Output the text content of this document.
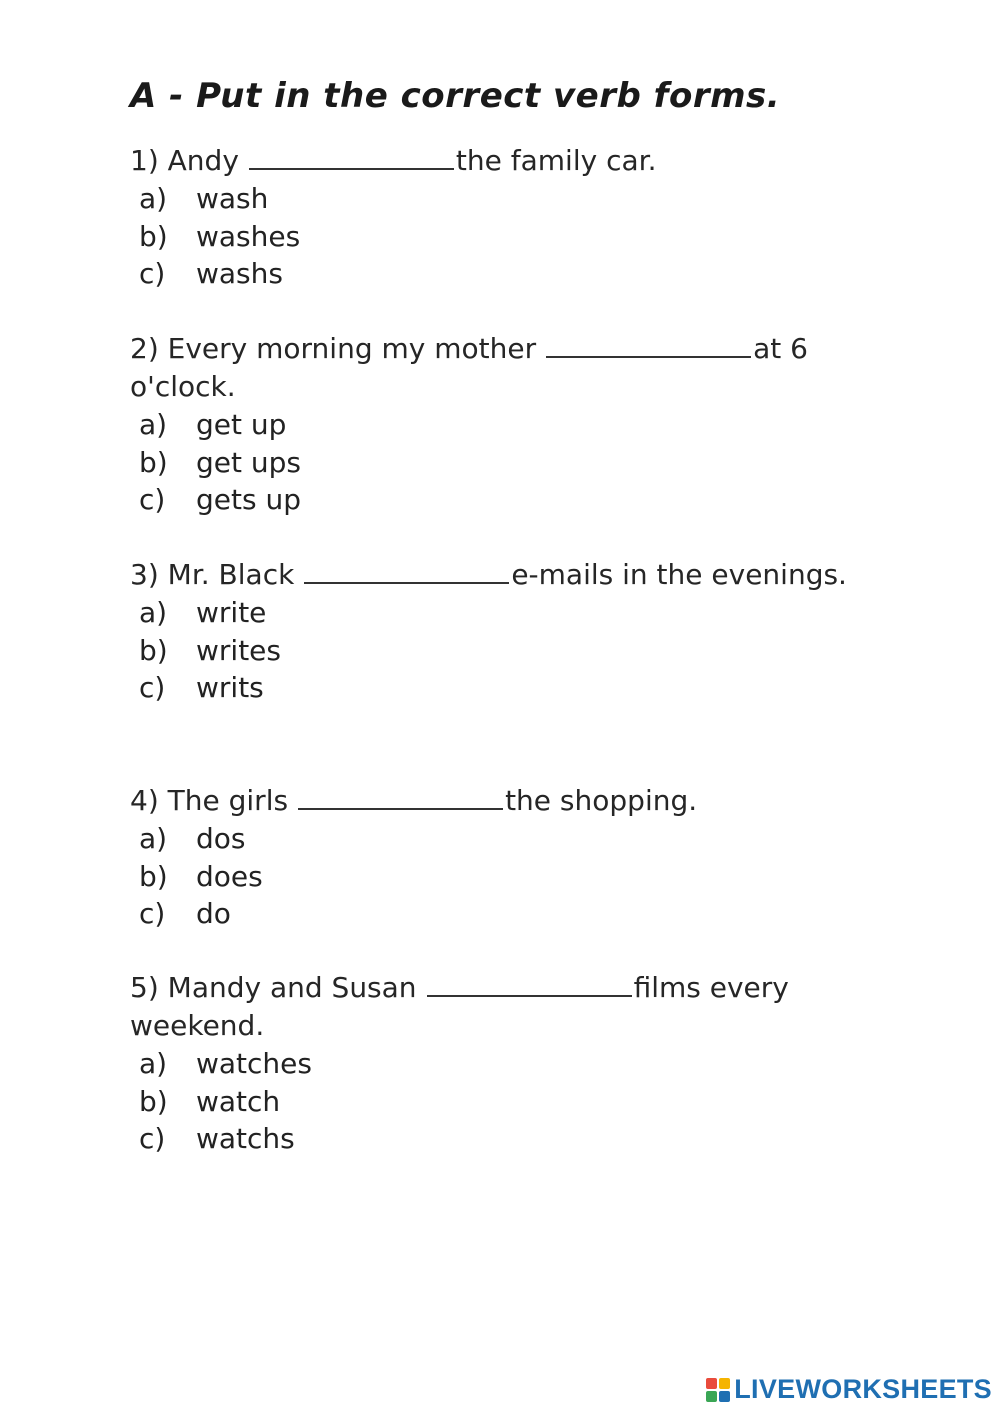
A - Put in the correct verb forms.

1) Andy	the family car.

a)	wash
b)	washes
c)	washs

2) Every morning my mother	at 6 o'clock.

a)	get up
b)	get ups
c)	gets up

3) Mr. Black	e-mails in the evenings.

a)	write
b)	writes
c)	writs

4) The girls	the shopping.

a)	dos
b)	does
c)	do

5) Mandy and Susan	films every weekend.

a)	watches
b)	watch
c)	watchs
LIVEWORKSHEETS
